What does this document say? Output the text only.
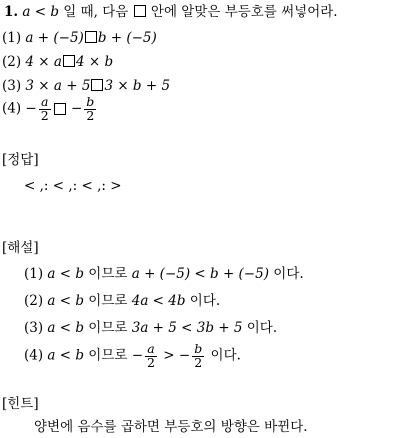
1. a < b 일 때, 다음  안에 알맞은 부등호를 써넣어라.
(1) a + (−5) b + (−5)
(2) 4 × a 4 × b
(3) 3 × a + 5 3 × b + 5
$(4) - \frac{a}{2} - \frac{b}{2}$
[정답]
< ,: < ,: < ,: >
[해설]
(1) a < b 이므로 a + (−5) < b + (−5) 이다.
(2) a < b 이므로 4a < 4b 이다.
(3) a < b 이므로 3a + 5 < 3b + 5 이다.
(4) a < b 이므로 − $\frac{a}{2}$ > − $\frac{b}{2}$ 이다.
[힌트]
양변에 음수를 곱하면 부등호의 방향은 바뀐다.
